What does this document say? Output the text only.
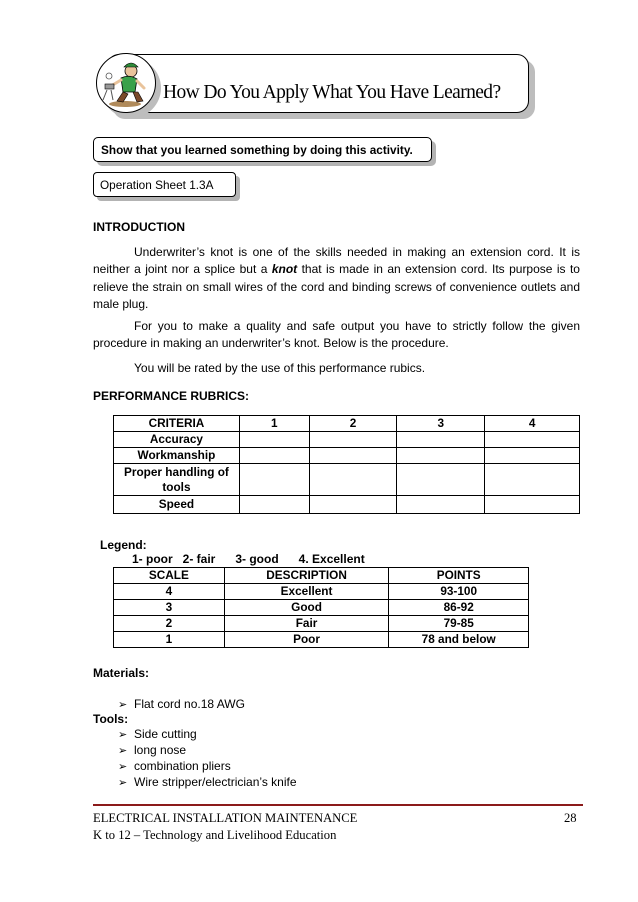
How Do You Apply What You Have Learned?
Show that you learned something by doing this activity.
Operation Sheet 1.3A
INTRODUCTION
Underwriter’s knot is one of the skills needed in making an extension cord. It is
neither a joint nor a splice but a knot that is made in an extension cord. Its purpose is to
relieve the strain on small wires of the cord and binding screws of convenience outlets and
male plug.
For you to make a quality and safe output you have to strictly follow the given
procedure in making an underwriter’s knot. Below is the procedure.
You will be rated by the use of this performance rubics.
PERFORMANCE RUBRICS:
CRITERIA	1	2	3	4
Accuracy				
Workmanship				
Proper handling of tools				
Speed				
Legend:
1- poor   2- fair      3- good      4. Excellent
SCALE	DESCRIPTION	POINTS
4	Excellent	93-100
3	Good	86-92
2	Fair	79-85
1	Poor	78 and below
Materials:
➢ Flat cord no.18 AWG
Tools:
➢ Side cutting
➢ long nose
➢ combination pliers
➢ Wire stripper/electrician’s knife
ELECTRICAL INSTALLATION MAINTENANCE
K to 12 – Technology and Livelihood Education
28
